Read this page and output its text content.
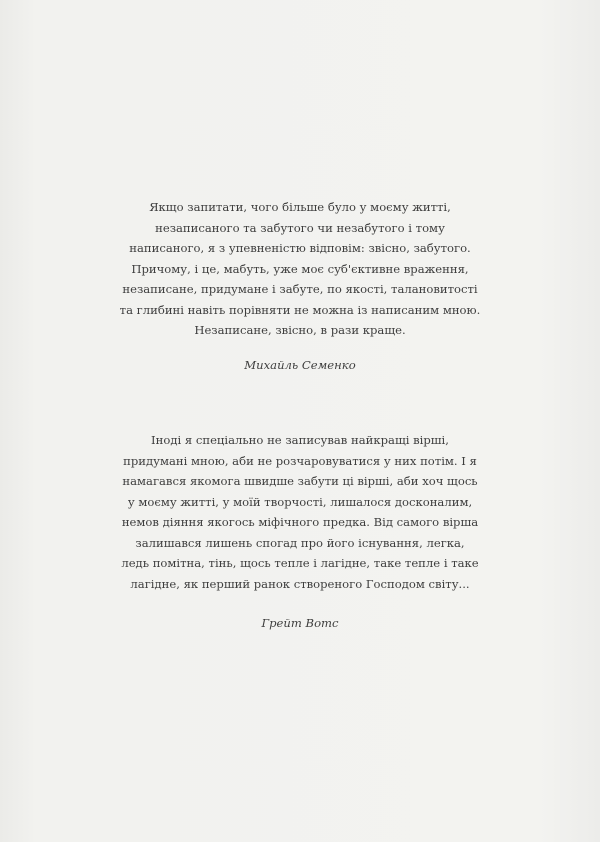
Якщо запитати, чого більше було у моєму житті,
незаписаного та забутого чи незабутого і тому
написаного, я з упевненістю відповім: звісно, забутого.
Причому, і це, мабуть, уже моє суб'єктивне враження,
незаписане, придумане і забуте, по якості, талановитості
та глибині навіть порівняти не можна із написаним мною.
Незаписане, звісно, в рази краще.
Михайль Семенко
Іноді я спеціально не записував найкращі вірші,
придумані мною, аби не розчаровуватися у них потім. І я
намагався якомога швидше забути ці вірші, аби хоч щось
у моєму житті, у моїй творчості, лишалося досконалим,
немов діяння якогось міфічного предка. Від самого вірша
залишався лишень спогад про його існування, легка,
ледь помітна, тінь, щось тепле і лагідне, таке тепле і таке
лагідне, як перший ранок створеного Господом світу...
Грейт Вотс
